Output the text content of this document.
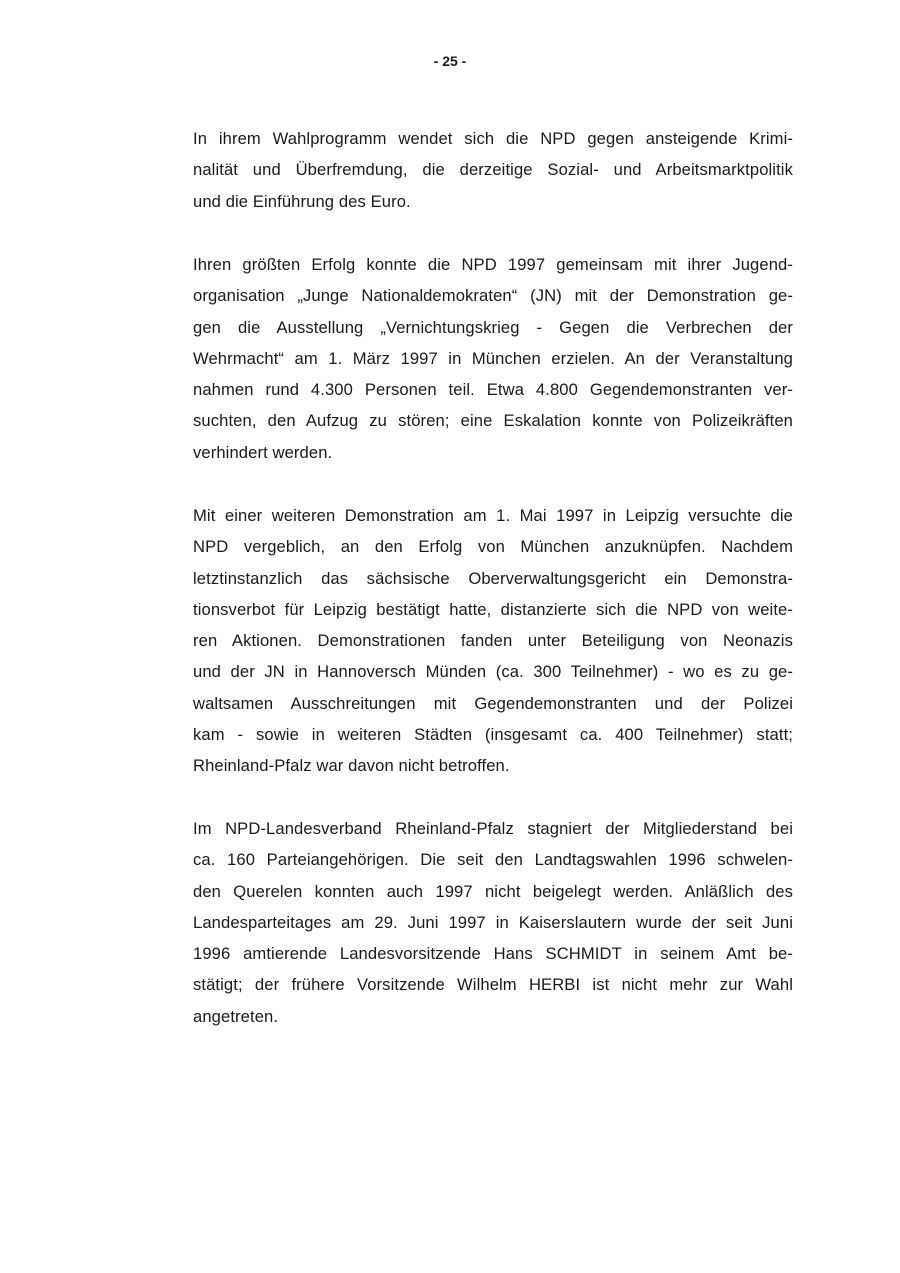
- 25 -
In ihrem Wahlprogramm wendet sich die NPD gegen ansteigende Krimi-
nalität und Überfremdung, die derzeitige Sozial- und Arbeitsmarktpolitik
und die Einführung des Euro.
Ihren größten Erfolg konnte die NPD 1997 gemeinsam mit ihrer Jugend-
organisation „Junge Nationaldemokraten“ (JN) mit der Demonstration ge-
gen die Ausstellung „Vernichtungskrieg - Gegen die Verbrechen der
Wehrmacht“ am 1. März 1997 in München erzielen. An der Veranstaltung
nahmen rund 4.300 Personen teil. Etwa 4.800 Gegendemonstranten ver-
suchten, den Aufzug zu stören; eine Eskalation konnte von Polizeikräften
verhindert werden.
Mit einer weiteren Demonstration am 1. Mai 1997 in Leipzig versuchte die
NPD vergeblich, an den Erfolg von München anzuknüpfen. Nachdem
letztinstanzlich das sächsische Oberverwaltungsgericht ein Demonstra-
tionsverbot für Leipzig bestätigt hatte, distanzierte sich die NPD von weite-
ren Aktionen. Demonstrationen fanden unter Beteiligung von Neonazis
und der JN in Hannoversch Münden (ca. 300 Teilnehmer) - wo es zu ge-
waltsamen Ausschreitungen mit Gegendemonstranten und der Polizei
kam - sowie in weiteren Städten (insgesamt ca. 400 Teilnehmer) statt;
Rheinland-Pfalz war davon nicht betroffen.
Im NPD-Landesverband Rheinland-Pfalz stagniert der Mitgliederstand bei
ca. 160 Parteiangehörigen. Die seit den Landtagswahlen 1996 schwelen-
den Querelen konnten auch 1997 nicht beigelegt werden. Anläßlich des
Landesparteitages am 29. Juni 1997 in Kaiserslautern wurde der seit Juni
1996 amtierende Landesvorsitzende Hans SCHMIDT in seinem Amt be-
stätigt; der frühere Vorsitzende Wilhelm HERBI ist nicht mehr zur Wahl
angetreten.
